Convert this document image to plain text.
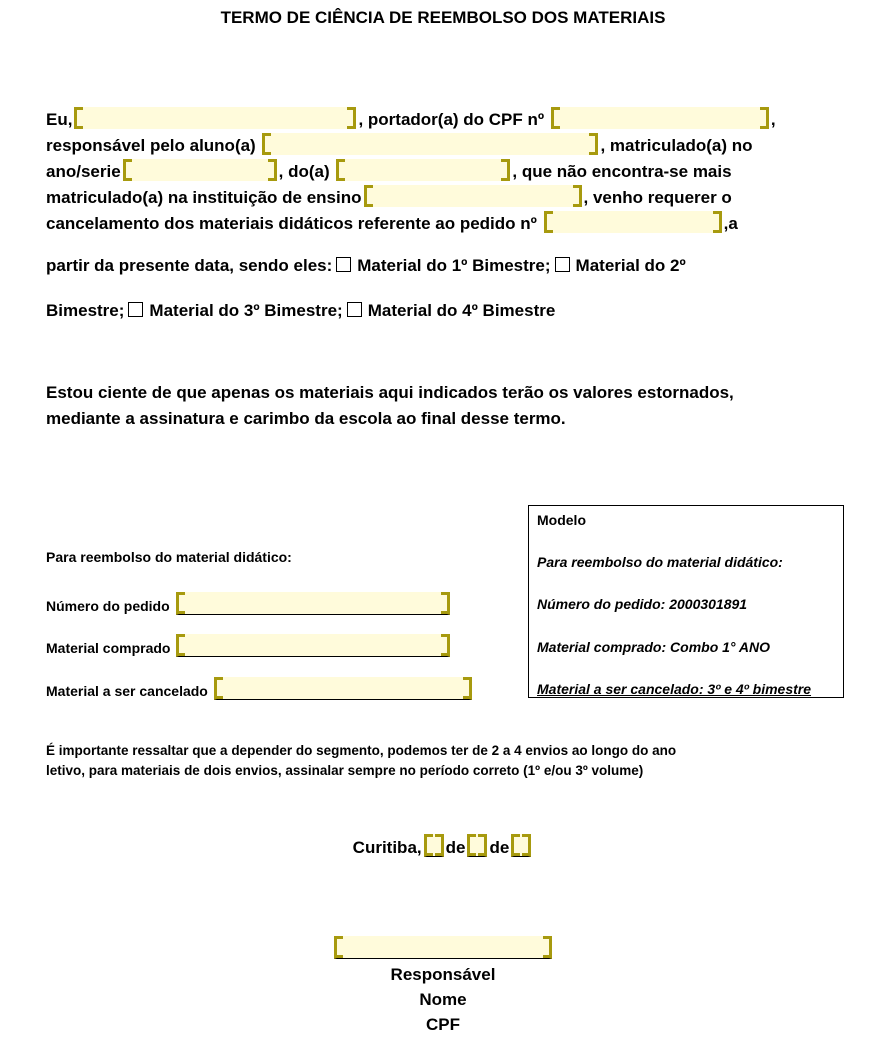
TERMO DE CIÊNCIA DE REEMBOLSO DOS MATERIAIS
Eu,	, portador(a) do CPF nº	,
responsável pelo aluno(a)	, matriculado(a) no
ano/serie	, do(a)	, que não encontra-se mais
matriculado(a) na instituição de ensino	, venho requerer o
cancelamento dos materiais didáticos referente ao pedido nº	,a
partir da presente data, sendo eles: Material do 1º Bimestre; Material do 2º
Bimestre; Material do 3º Bimestre; Material do 4º Bimestre
Estou ciente de que apenas os materiais aqui indicados terão os valores estornados,
mediante a assinatura e carimbo da escola ao final desse termo.
Para reembolso do material didático:
Número do pedido
Material comprado
Material a ser cancelado
Modelo
Para reembolso do material didático:
Número do pedido: 2000301891
Material comprado: Combo 1° ANO
Material a ser cancelado: 3º e 4º bimestre
É importante ressaltar que a depender do segmento, podemos ter de 2 a 4 envios ao longo do ano
letivo, para materiais de dois envios, assinalar sempre no período correto (1º e/ou 3º volume)
Curitiba, de de
Responsável
Nome
CPF
